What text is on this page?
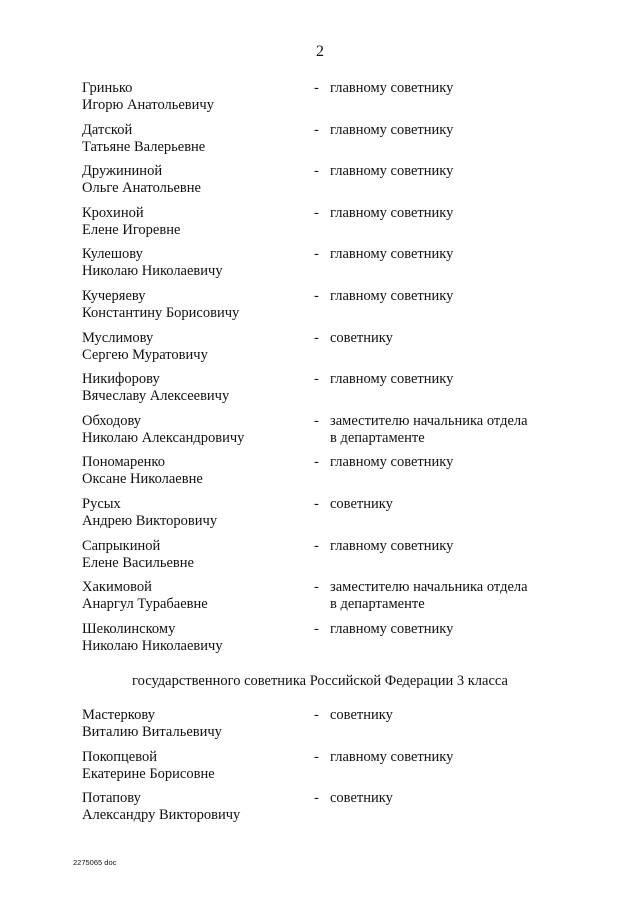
2
Гринько
Игорю Анатольевичу
- главному советнику
Датской
Татьяне Валерьевне
- главному советнику
Дружининой
Ольге Анатольевне
- главному советнику
Крохиной
Елене Игоревне
- главному советнику
Кулешову
Николаю Николаевичу
- главному советнику
Кучеряеву
Константину Борисовичу
- главному советнику
Муслимову
Сергею Муратовичу
- советнику
Никифорову
Вячеславу Алексеевичу
- главному советнику
Обходову
Николаю Александровичу
- заместителю начальника отдела
в департаменте
Пономаренко
Оксане Николаевне
- главному советнику
Русых
Андрею Викторовичу
- советнику
Сапрыкиной
Елене Васильевне
- главному советнику
Хакимовой
Анаргул Турабаевне
- заместителю начальника отдела
в департаменте
Шеколинскому
Николаю Николаевичу
- главному советнику
государственного советника Российской Федерации 3 класса
Мастеркову
Виталию Витальевичу
- советнику
Покопцевой
Екатерине Борисовне
- главному советнику
Потапову
Александру Викторовичу
- советнику
2275065 doc
